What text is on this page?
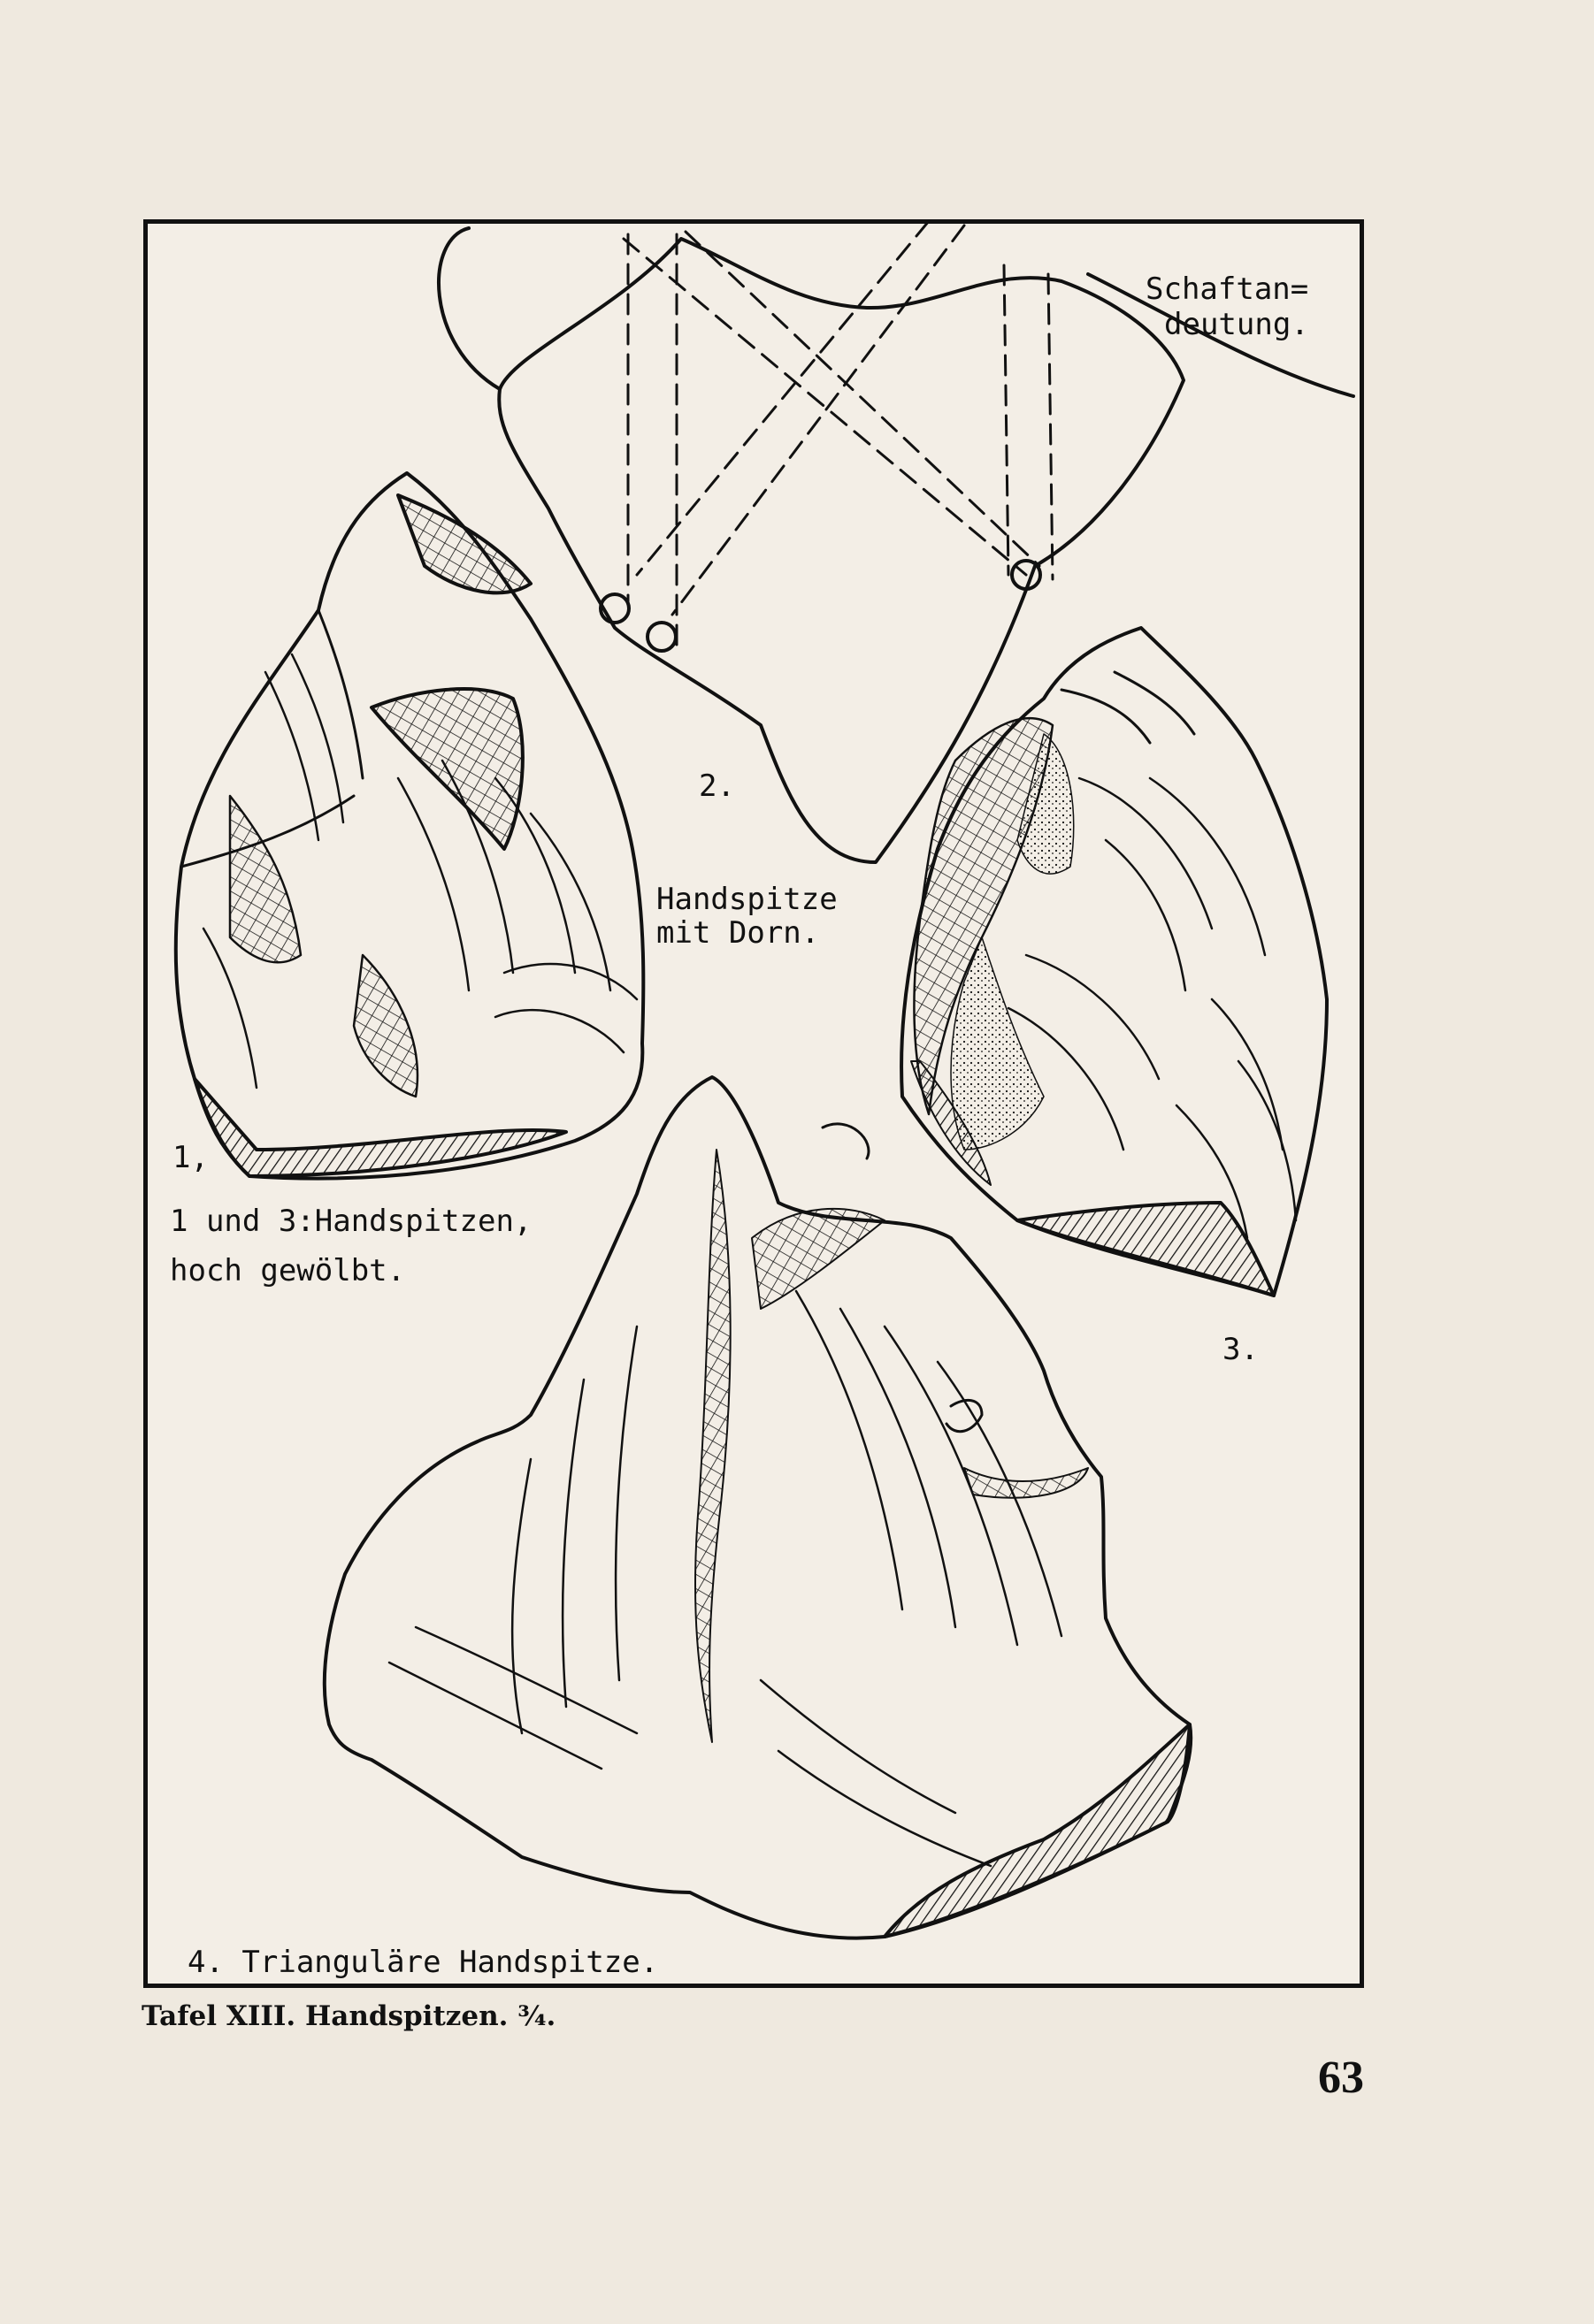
Schaftan=
deutung.
2.
Handspitze
mit Dorn.
1,
1 und 3:Handspitzen,
hoch gewölbt.
3.
4. Trianguläre Handspitze.
Tafel XIII. Handspitzen. ¾.
63
